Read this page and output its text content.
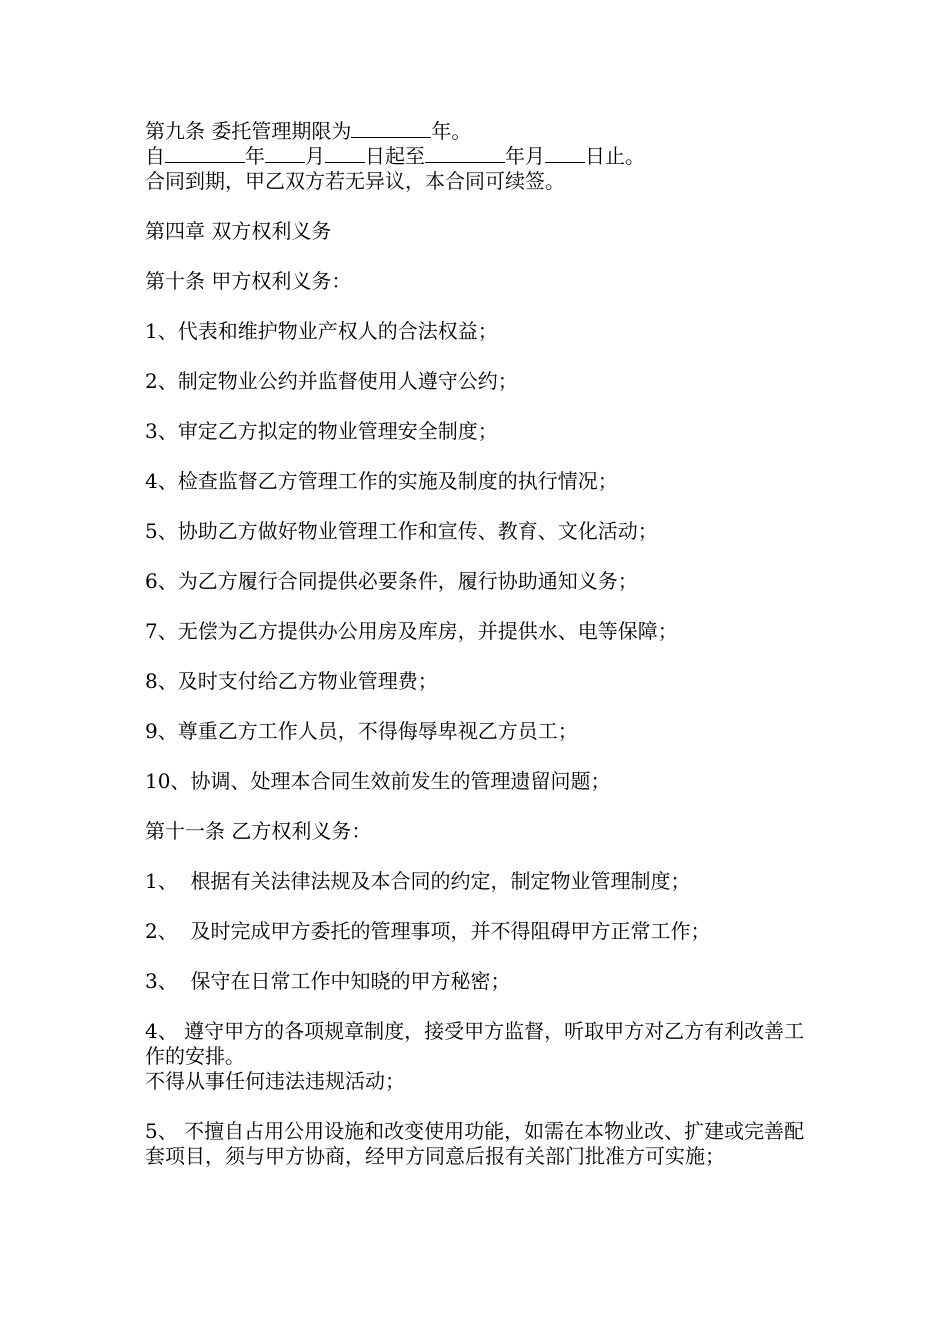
第九条 委托管理期限为	年。

自	年 月 日起至	年月 日止。

合同到期，甲乙双方若无异议，本合同可续签。

第四章 双方权利义务

第十条 甲方权利义务：

1、代表和维护物业产权人的合法权益；

2、制定物业公约并监督使用人遵守公约；

3、审定乙方拟定的物业管理安全制度；

4、检查监督乙方管理工作的实施及制度的执行情况；

5、协助乙方做好物业管理工作和宣传、教育、文化活动；

6、为乙方履行合同提供必要条件，履行协助通知义务；

7、无偿为乙方提供办公用房及库房，并提供水、电等保障；

8、及时支付给乙方物业管理费；

9、尊重乙方工作人员，不得侮辱卑视乙方员工；

10、协调、处理本合同生效前发生的管理遗留问题；

第十一条 乙方权利义务：

1、  根据有关法律法规及本合同的约定，制定物业管理制度；

2、  及时完成甲方委托的管理事项，并不得阻碍甲方正常工作；

3、  保守在日常工作中知晓的甲方秘密；

4、 遵守甲方的各项规章制度，接受甲方监督，听取甲方对乙方有利改善工作的安排。

不得从事任何违法违规活动；

5、 不擅自占用公用设施和改变使用功能，如需在本物业改、扩建或完善配套项目，须与甲方协商，经甲方同意后报有关部门批准方可实施；
